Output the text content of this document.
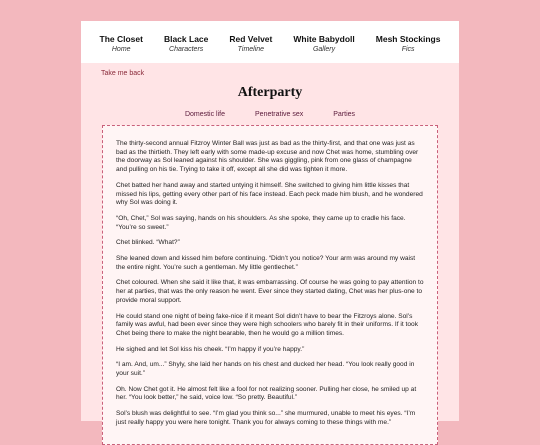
The Closet
Home
Black Lace
Characters
Red Velvet
Timeline
White Babydoll
Gallery
Mesh Stockings
Fics
Take me back
Afterparty
Domestic life	Penetrative sex	Parties

The thirty-second annual Fitzroy Winter Ball was just as bad as the thirty-first, and that one was just as bad as the thirtieth. They left early with some made-up excuse and now Chet was home, stumbling over the doorway as Sol leaned against his shoulder. She was giggling, pink from one glass of champagne and pulling on his tie. Trying to take it off, except all she did was tighten it more.

Chet batted her hand away and started untying it himself. She switched to giving him little kisses that missed his lips, getting every other part of his face instead. Each peck made him blush, and he wondered why Sol was doing it.

“Oh, Chet,” Sol was saying, hands on his shoulders. As she spoke, they came up to cradle his face. “You’re so sweet.”

Chet blinked. “What?”

She leaned down and kissed him before continuing. “Didn’t you notice? Your arm was around my waist the entire night. You’re such a gentleman. My little gentlechet.”

Chet coloured. When she said it like that, it was embarrassing. Of course he was going to pay attention to her at parties, that was the only reason he went. Ever since they started dating, Chet was her plus-one to provide moral support.

He could stand one night of being fake-nice if it meant Sol didn’t have to bear the Fitzroys alone. Sol’s family was awful, had been ever since they were high schoolers who barely fit in their uniforms. If it took Chet being there to make the night bearable, then he would go a million times.

He sighed and let Sol kiss his cheek. “I’m happy if you’re happy.”

“I am. And, um...” Shyly, she laid her hands on his chest and ducked her head. “You look really good in your suit.”

Oh. Now Chet got it. He almost felt like a fool for not realizing sooner. Pulling her close, he smiled up at her. “You look better,” he said, voice low. “So pretty. Beautiful.”

Sol’s blush was delightful to see. “I’m glad you think so...” she murmured, unable to meet his eyes. “I’m just really happy you were here tonight. Thank you for always coming to these things with me.”
